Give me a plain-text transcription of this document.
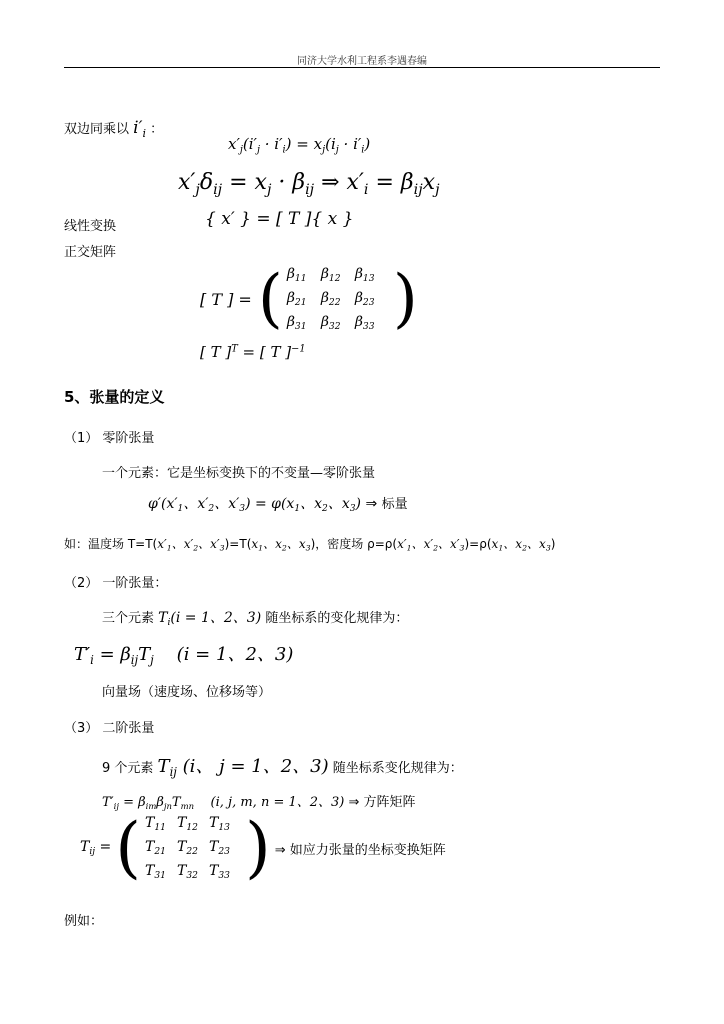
同济大学水利工程系李遇春编
双边同乘以 $i'_i$ ：
$x'_j(i'_j \cdot i'_i) = x_j(i_j \cdot i'_i)$
$x'_j\delta_{ij} = x_j \cdot \beta_{ij}$ ⇒ $x'_i = \beta_{ij}x_j$
线性变换	{ x′ } = [ T ]{ x }
正交矩阵
[ T ] = ( $\beta_{11}$	$\beta_{12}$	$\beta_{13}$
$\beta_{21}$	$\beta_{22}$	$\beta_{23}$
$\beta_{31}$	$\beta_{32}$	$\beta_{33}$ )
[ T ]$^T$ = [ T ]$^{-1}$
5、张量的定义
（1） 零阶张量
一个元素：它是坐标变换下的不变量—零阶张量
$\varphi'(x'_1$、$x'_2$、$x'_3) = \varphi(x_1$、$x_2$、$x_3$) ⇒ 标量
如：温度场 $T=T(x'_1$、$x'_2$、$x'_3)=T(x_1$、$x_2$、$x_3$)，密度场 $\rho=\rho(x'_1$、$x'_2$、$x'_3)=\rho(x_1$、$x_2$、$x_3$)
（2） 一阶张量：
三个元素 $T_i(i = 1$、2、3) 随坐标系的变化规律为：
$T'_i = \beta_{ij}T_j$    (i = 1、2、3)
向量场（速度场、位移场等）
（3） 二阶张量
9 个元素 $T_{ij}$ (i、 j = 1、2、3) 随坐标系变化规律为：
$T'_{ij} = \beta_{im}\beta_{jn}T_{mn}$    (i, j, m, n = 1、2、3) ⇒ 方阵矩阵
$T_{ij}$ = ( $T_{11}$ $T_{12}$ $T_{13}$
$T_{21}$ $T_{22}$ $T_{23}$
$T_{31}$ $T_{32}$ $T_{33}$ ) ⇒ 如应力张量的坐标变换矩阵
例如：
